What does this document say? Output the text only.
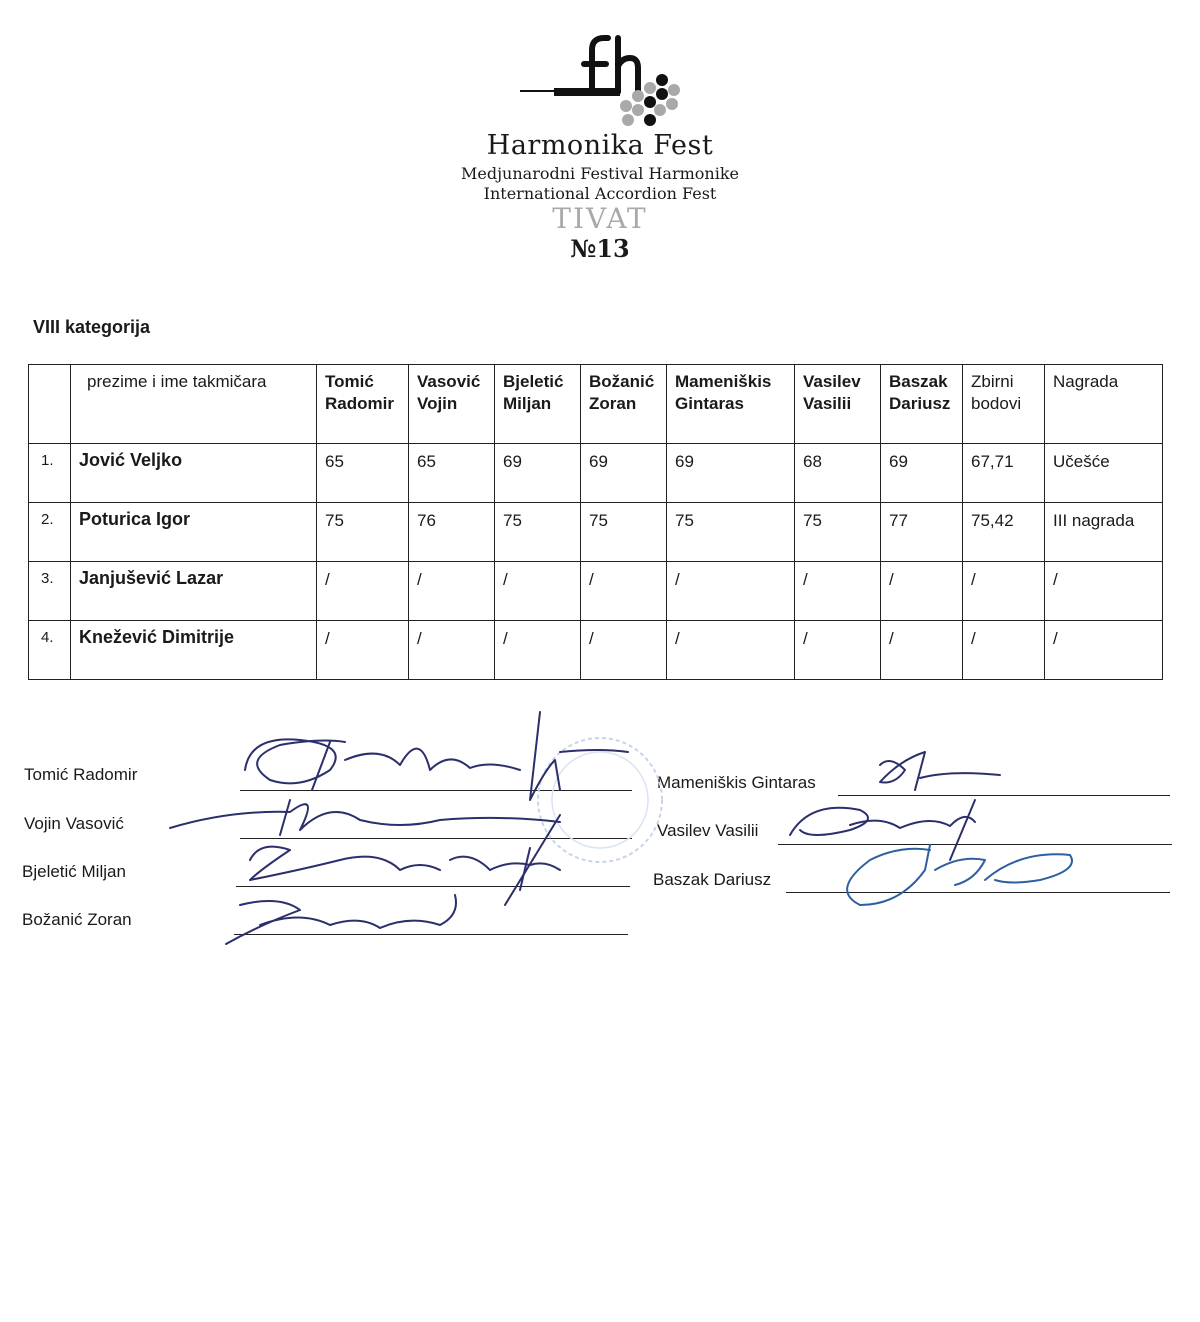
Harmonika Fest
Medjunarodni Festival Harmonike
International Accordion Fest
TIVAT
№13
VIII kategorija
	prezime i ime takmičara	Tomić Radomir	Vasović Vojin	Bjeletić Miljan	Božanić Zoran	Mameniškis Gintaras	Vasilev Vasilii	Baszak Dariusz	Zbirni bodovi	Nagrada
1.	Jović Veljko	65	65	69	69	69	68	69	67,71	Učešće
2.	Poturica Igor	75	76	75	75	75	75	77	75,42	III nagrada
3.	Janjušević Lazar	/	/	/	/	/	/	/	/	/
4.	Knežević Dimitrije	/	/	/	/	/	/	/	/	/
Tomić Radomir
Vojin Vasović
Bjeletić Miljan
Božanić Zoran
Mameniškis Gintaras
Vasilev Vasilii
Baszak Dariusz
